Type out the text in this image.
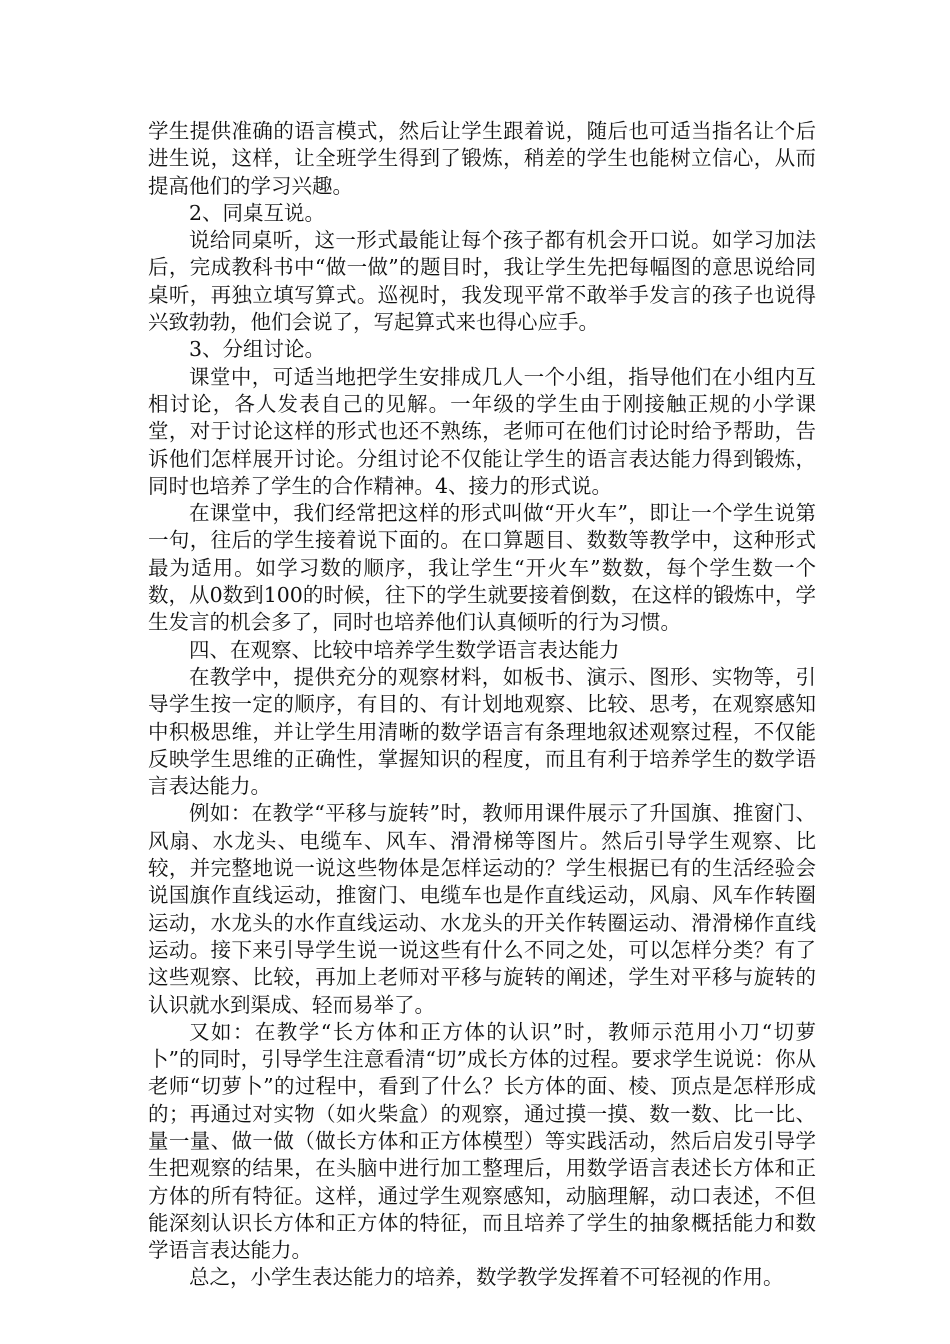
学生提供准确的语言模式，然后让学生跟着说，随后也可适当指名让个后进生说，这样，让全班学生得到了锻炼，稍差的学生也能树立信心，从而提高他们的学习兴趣。

2、同桌互说。

说给同桌听，这一形式最能让每个孩子都有机会开口说。如学习加法后，完成教科书中“做一做”的题目时，我让学生先把每幅图的意思说给同桌听，再独立填写算式。巡视时，我发现平常不敢举手发言的孩子也说得兴致勃勃，他们会说了，写起算式来也得心应手。

3、分组讨论。

课堂中，可适当地把学生安排成几人一个小组，指导他们在小组内互相讨论，各人发表自己的见解。一年级的学生由于刚接触正规的小学课堂，对于讨论这样的形式也还不熟练，老师可在他们讨论时给予帮助，告诉他们怎样展开讨论。分组讨论不仅能让学生的语言表达能力得到锻炼，同时也培养了学生的合作精神。4、接力的形式说。

在课堂中，我们经常把这样的形式叫做“开火车”，即让一个学生说第一句，往后的学生接着说下面的。在口算题目、数数等教学中，这种形式最为适用。如学习数的顺序，我让学生“开火车”数数，每个学生数一个数，从0数到100的时候，往下的学生就要接着倒数，在这样的锻炼中，学生发言的机会多了，同时也培养他们认真倾听的行为习惯。

四、在观察、比较中培养学生数学语言表达能力

在教学中，提供充分的观察材料，如板书、演示、图形、实物等，引导学生按一定的顺序，有目的、有计划地观察、比较、思考，在观察感知中积极思维，并让学生用清晰的数学语言有条理地叙述观察过程，不仅能反映学生思维的正确性，掌握知识的程度，而且有利于培养学生的数学语言表达能力。

例如：在教学“平移与旋转”时，教师用课件展示了升国旗、推窗门、风扇、水龙头、电缆车、风车、滑滑梯等图片。然后引导学生观察、比较，并完整地说一说这些物体是怎样运动的？学生根据已有的生活经验会说国旗作直线运动，推窗门、电缆车也是作直线运动，风扇、风车作转圈运动，水龙头的水作直线运动、水龙头的开关作转圈运动、滑滑梯作直线运动。接下来引导学生说一说这些有什么不同之处，可以怎样分类？有了这些观察、比较，再加上老师对平移与旋转的阐述，学生对平移与旋转的认识就水到渠成、轻而易举了。

又如：在教学“长方体和正方体的认识”时，教师示范用小刀“切萝卜”的同时，引导学生注意看清“切”成长方体的过程。要求学生说说：你从老师“切萝卜”的过程中，看到了什么？长方体的面、棱、顶点是怎样形成的；再通过对实物（如火柴盒）的观察，通过摸一摸、数一数、比一比、量一量、做一做（做长方体和正方体模型）等实践活动，然后启发引导学生把观察的结果，在头脑中进行加工整理后，用数学语言表述长方体和正方体的所有特征。这样，通过学生观察感知，动脑理解，动口表述，不但能深刻认识长方体和正方体的特征，而且培养了学生的抽象概括能力和数学语言表达能力。

总之，小学生表达能力的培养，数学教学发挥着不可轻视的作用。
